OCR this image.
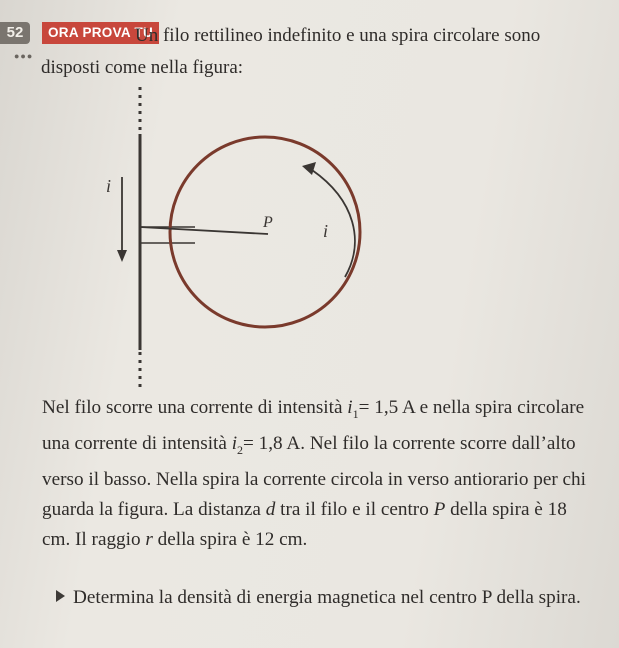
52
●●●
ORA PROVA TU

Un filo rettilineo indefinito e una spira circolare sono disposti come nella figura:

i
P	i

Nel filo scorre una corrente di intensità $i_1= 1,5$ A e nella spira circolare una corrente di intensità $i_2= 1,8$ A. Nel filo la corrente scorre dall’alto verso il basso. Nella spira la corrente circola in verso antiorario per chi guarda la figura. La distanza d tra il filo e il centro P della spira è 18 cm. Il raggio r della spira è 12 cm.

Determina la densità di energia magnetica nel centro P della spira.
